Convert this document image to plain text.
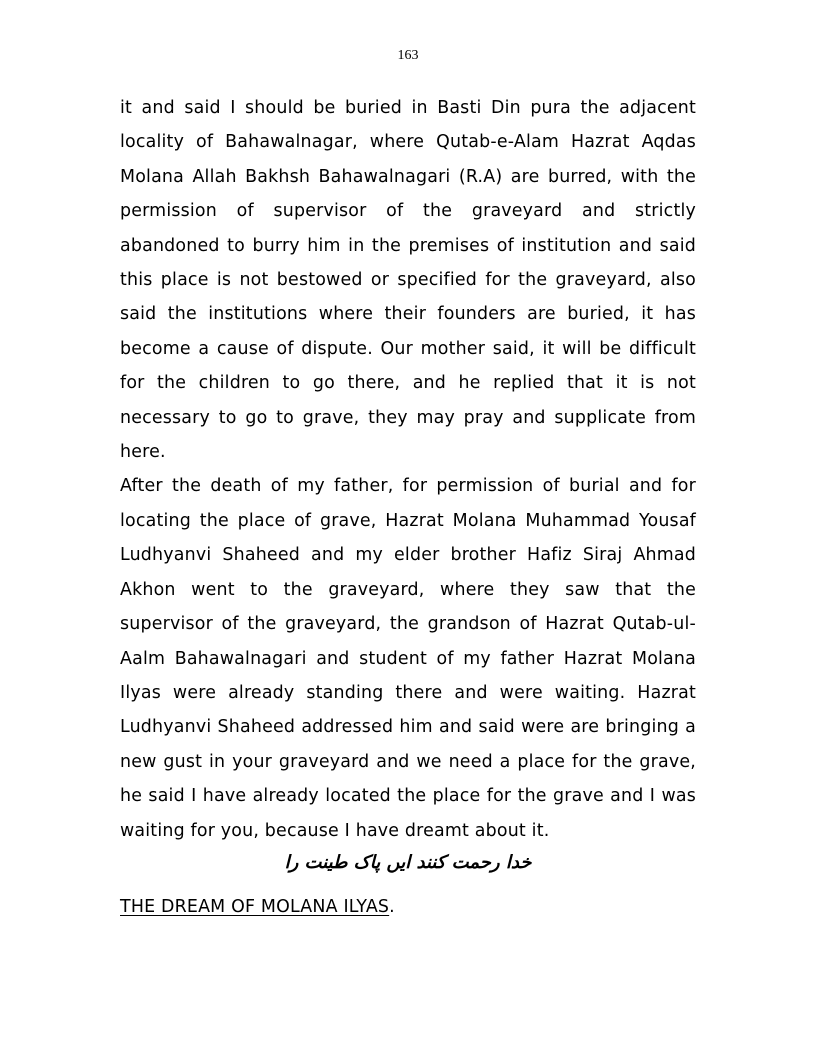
163

it and said I should be buried in Basti Din pura the adjacent locality of Bahawalnagar, where Qutab-e-Alam Hazrat Aqdas Molana Allah Bakhsh Bahawalnagari (R.A) are burred, with the permission of supervisor of the graveyard and strictly abandoned to burry him in the premises of institution and said this place is not bestowed or specified for the graveyard, also said the institutions where their founders are buried, it has become a cause of dispute. Our mother said, it will be difficult for the children to go there, and he replied that it is not necessary to go to grave, they may pray and supplicate from here.

After the death of my father, for permission of burial and for locating the place of grave, Hazrat Molana Muhammad Yousaf Ludhyanvi Shaheed and my elder brother Hafiz Siraj Ahmad Akhon went to the graveyard, where they saw that the supervisor of the graveyard, the grandson of Hazrat Qutab-ul-Aalm Bahawalnagari and student of my father Hazrat Molana Ilyas were already standing there and were waiting. Hazrat Ludhyanvi Shaheed addressed him and said were are bringing a new gust in your graveyard and we need a place for the grave, he said I have already located the place for the grave and I was waiting for you, because I have dreamt about it.

خدا رحمت کنند ایں پاک طینت را
THE DREAM OF MOLANA ILYAS.
